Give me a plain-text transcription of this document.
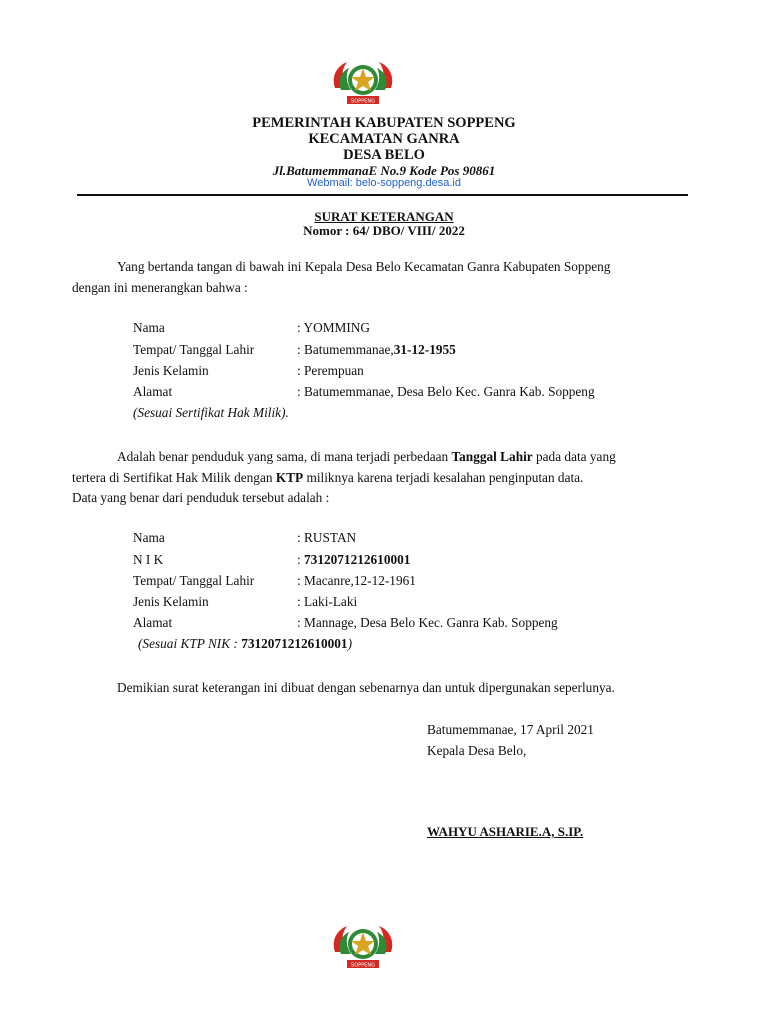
SOPPENG
PEMERINTAH KABUPATEN SOPPENG
KECAMATAN GANRA
DESA BELO
Jl.BatumemmanaE No.9 Kode Pos 90861
Webmail: belo-soppeng.desa.id
SURAT KETERANGAN
Nomor : 64/ DBO/ VIII/ 2022
Yang bertanda tangan di bawah ini Kepala Desa Belo Kecamatan Ganra Kabupaten Soppeng
dengan ini menerangkan bahwa :
Nama	: YOMMING
Tempat/ Tanggal Lahir	: Batumemmanae,31-12-1955
Jenis Kelamin	: Perempuan
Alamat	: Batumemmanae, Desa Belo Kec. Ganra Kab. Soppeng
(Sesuai Sertifikat Hak Milik).
Adalah benar penduduk yang sama, di mana terjadi perbedaan Tanggal Lahir pada data yang
tertera di Sertifikat Hak Milik dengan KTP miliknya karena terjadi kesalahan penginputan data.
Data yang benar dari penduduk tersebut adalah :
Nama	: RUSTAN
N I K	: 7312071212610001
Tempat/ Tanggal Lahir	: Macanre,12-12-1961
Jenis Kelamin	: Laki-Laki
Alamat	: Mannage, Desa Belo Kec. Ganra Kab. Soppeng
(Sesuai KTP NIK : 7312071212610001)
Demikian surat keterangan ini dibuat dengan sebenarnya dan untuk dipergunakan seperlunya.
Batumemmanae, 17 April 2021
Kepala Desa Belo,
WAHYU ASHARIE.A, S.IP.
SOPPENG
